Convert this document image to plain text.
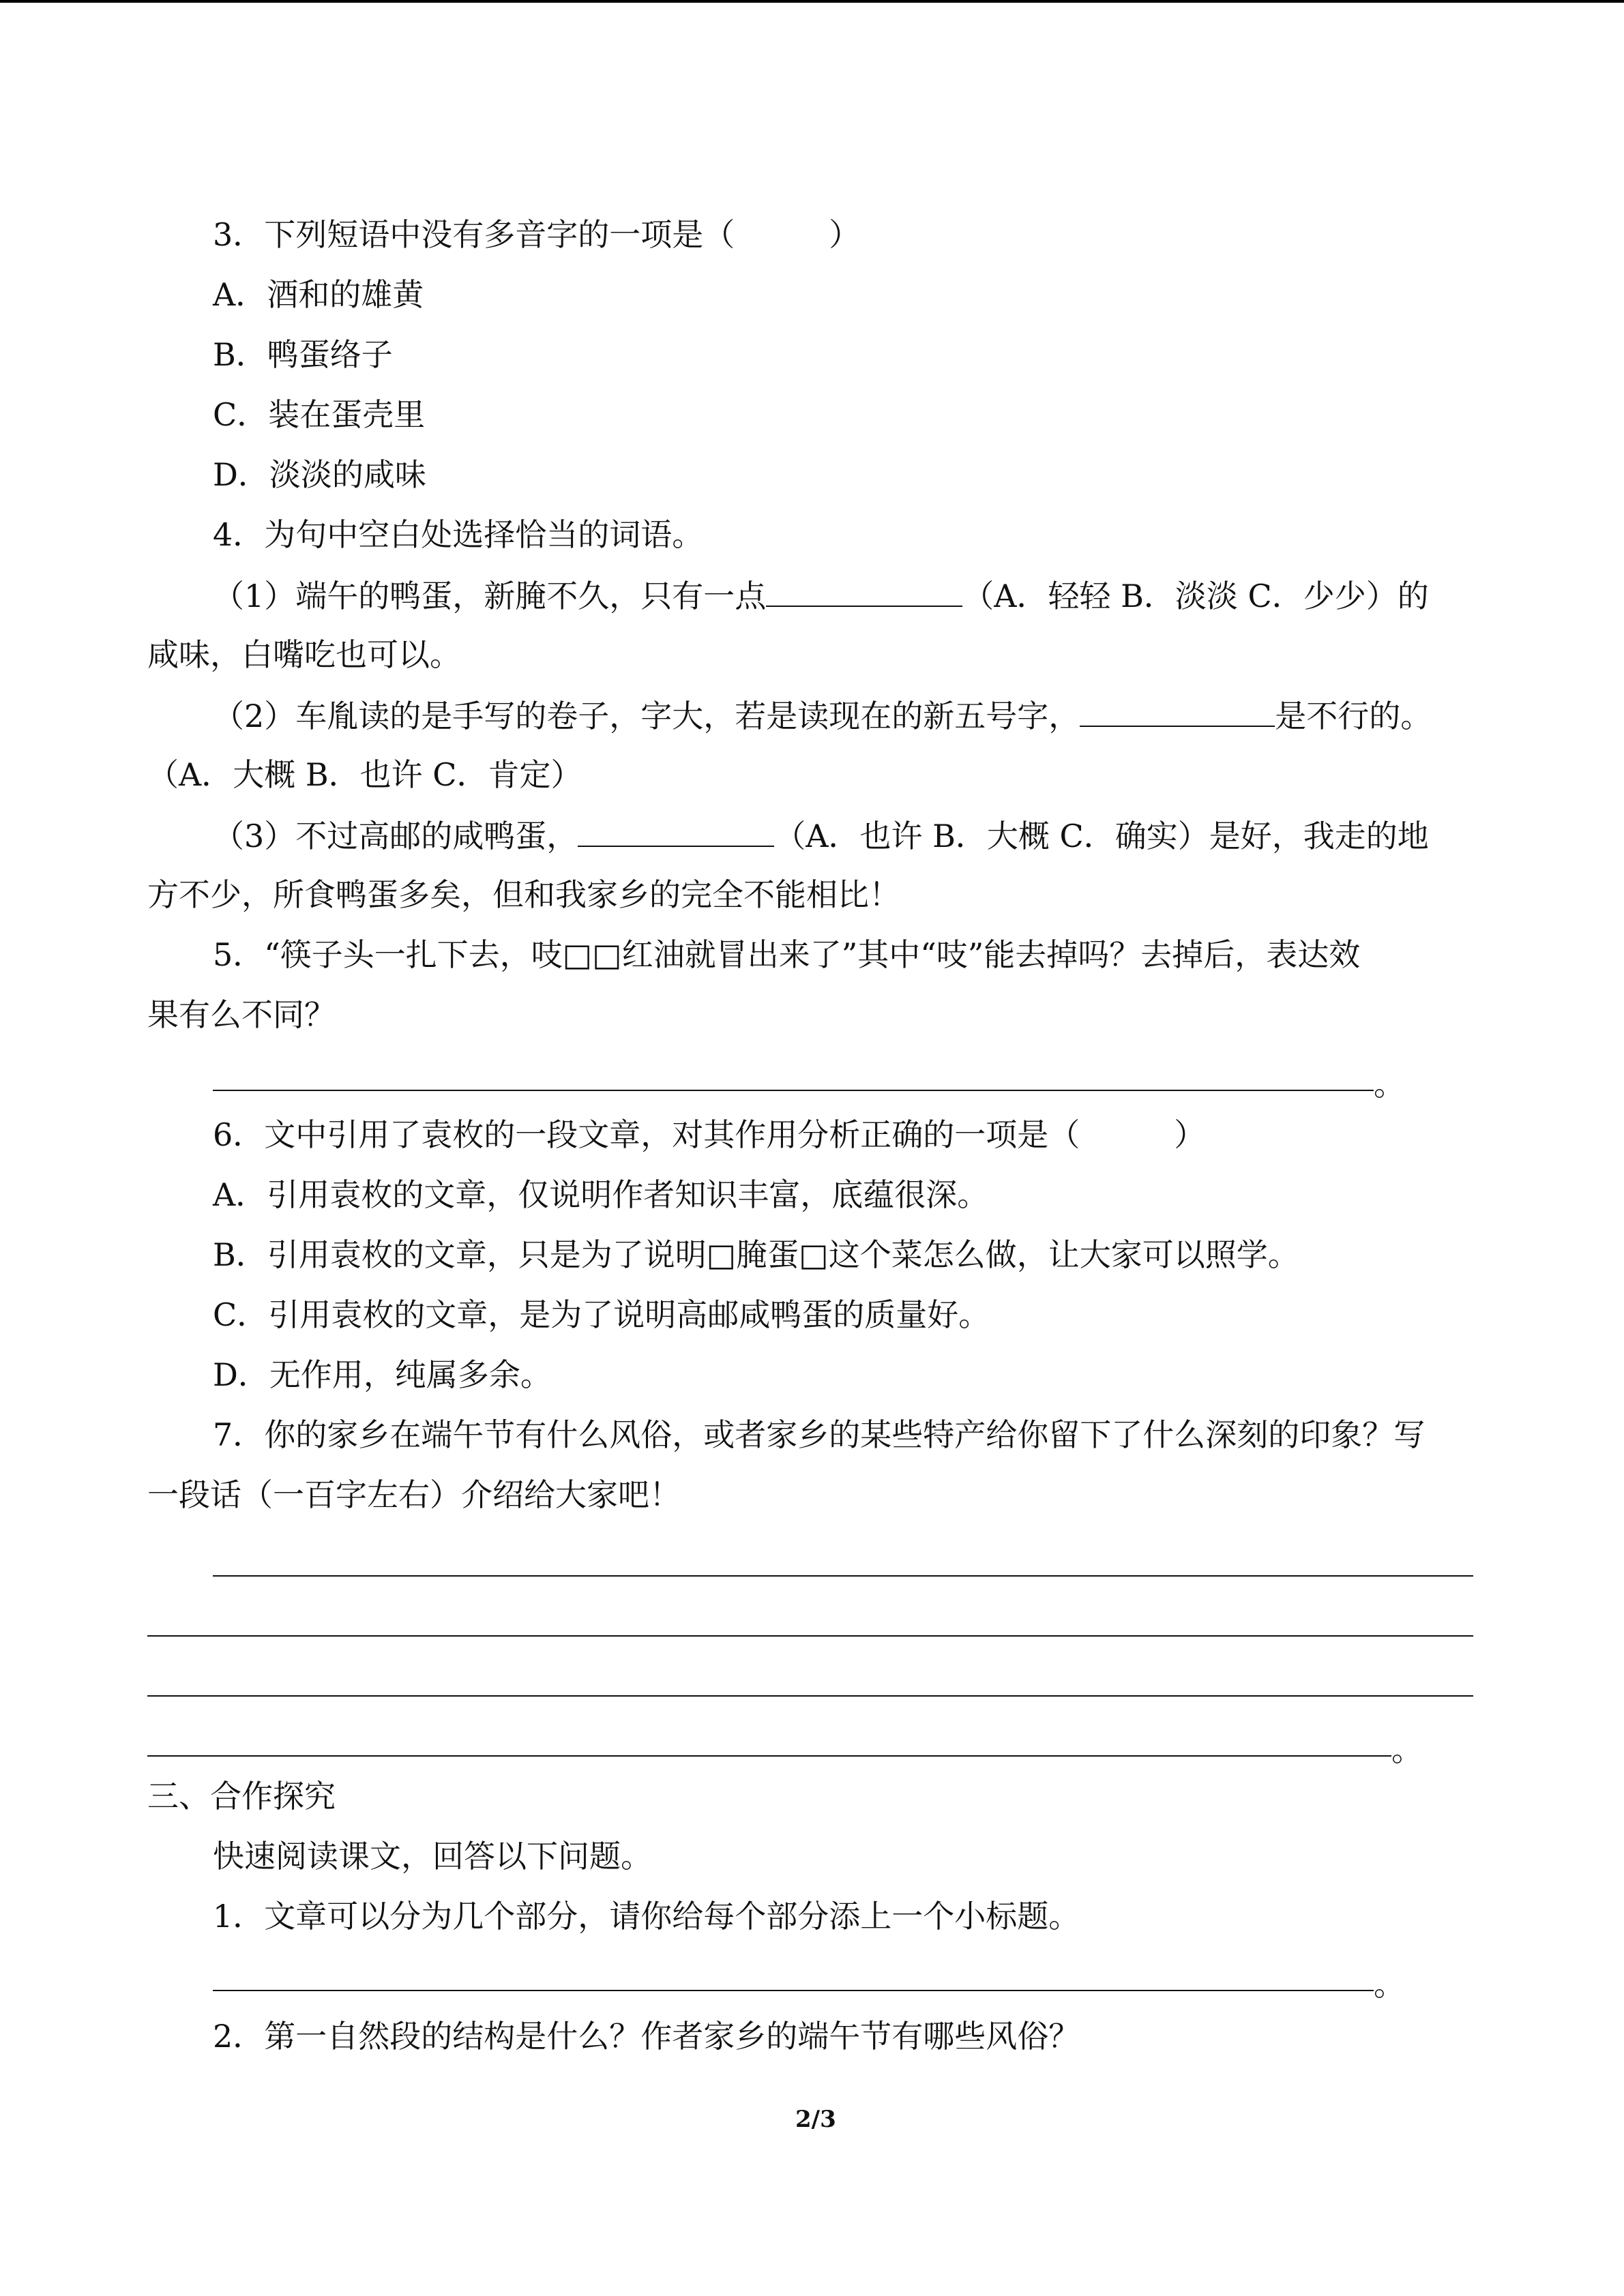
3．下列短语中没有多音字的一项是（　　　）
A．酒和的雄黄
B．鸭蛋络子
C．装在蛋壳里
D．淡淡的咸味
4．为句中空白处选择恰当的词语。
（1）端午的鸭蛋，新腌不久，只有一点	（A．轻轻 B．淡淡 C．少少）的
咸味，白嘴吃也可以。
（2）车胤读的是手写的卷子，字大，若是读现在的新五号字，	是不行的。
（A．大概 B．也许 C．肯定）
（3）不过高邮的咸鸭蛋，	（A．也许 B．大概 C．确实）是好，我走的地
方不少，所食鸭蛋多矣，但和我家乡的完全不能相比！
5．“筷子头一扎下去，吱□□红油就冒出来了”其中“吱”能去掉吗？去掉后，表达效
果有么不同？
。
6．文中引用了袁枚的一段文章，对其作用分析正确的一项是（　　　）
A．引用袁枚的文章，仅说明作者知识丰富，底蕴很深。
B．引用袁枚的文章，只是为了说明□腌蛋□这个菜怎么做，让大家可以照学。
C．引用袁枚的文章，是为了说明高邮咸鸭蛋的质量好。
D．无作用，纯属多余。
7．你的家乡在端午节有什么风俗，或者家乡的某些特产给你留下了什么深刻的印象？写
一段话（一百字左右）介绍给大家吧！
。
三、合作探究
快速阅读课文，回答以下问题。
1．文章可以分为几个部分，请你给每个部分添上一个小标题。
。
2．第一自然段的结构是什么？作者家乡的端午节有哪些风俗？
2/3
